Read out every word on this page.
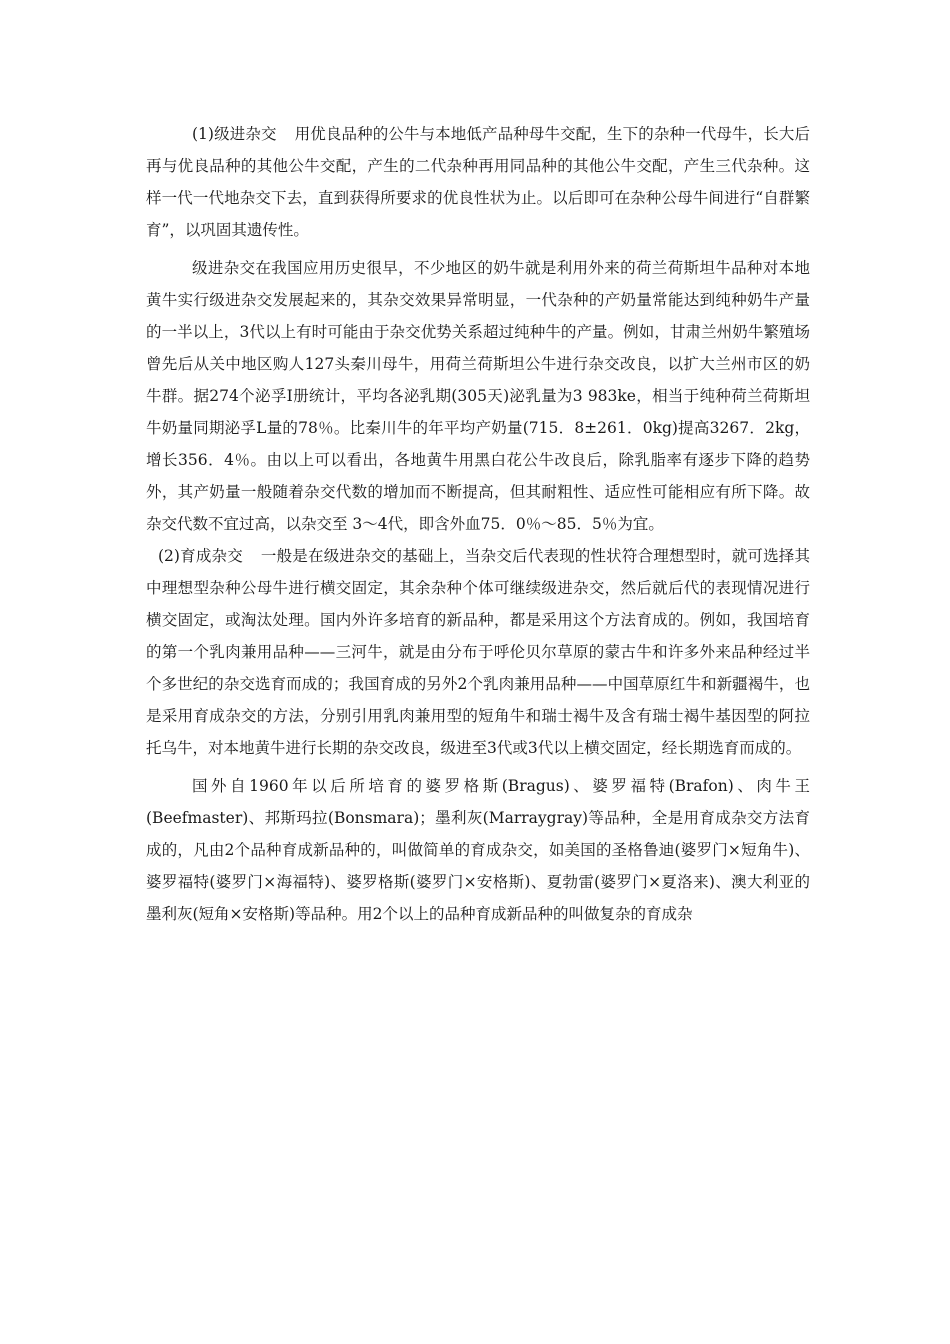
(1)级进杂交 用优良品种的公牛与本地低产品种母牛交配，生下的杂种一代母牛，长大后再与优良品种的其他公牛交配，产生的二代杂种再用同品种的其他公牛交配，产生三代杂种。这样一代一代地杂交下去，直到获得所要求的优良性状为止。以后即可在杂种公母牛间进行“自群繁育”，以巩固其遗传性。

级进杂交在我国应用历史很早，不少地区的奶牛就是利用外来的荷兰荷斯坦牛品种对本地黄牛实行级进杂交发展起来的，其杂交效果异常明显，一代杂种的产奶量常能达到纯种奶牛产量的一半以上，3代以上有时可能由于杂交优势关系超过纯种牛的产量。例如，甘肃兰州奶牛繁殖场曾先后从关中地区购人127头秦川母牛，用荷兰荷斯坦公牛进行杂交改良，以扩大兰州市区的奶牛群。据274个泌孚I册统计，平均各泌乳期(305天)泌乳量为3 983ke，相当于纯种荷兰荷斯坦牛奶量同期泌孚L量的78％。比秦川牛的年平均产奶量(715．8±261．0kg)提高3267．2kg，增长356．4％。由以上可以看出，各地黄牛用黑白花公牛改良后，除乳脂率有逐步下降的趋势外，其产奶量一般随着杂交代数的增加而不断提高，但其耐粗性、适应性可能相应有所下降。故杂交代数不宜过高，以杂交至 3～4代，即含外血75．0％～85．5％为宜。

(2)育成杂交 一般是在级进杂交的基础上，当杂交后代表现的性状符合理想型时，就可选择其中理想型杂种公母牛进行横交固定，其余杂种个体可继续级进杂交，然后就后代的表现情况进行横交固定，或淘汰处理。国内外许多培育的新品种，都是采用这个方法育成的。例如，我国培育的第一个乳肉兼用品种——三河牛，就是由分布于呼伦贝尔草原的蒙古牛和许多外来品种经过半个多世纪的杂交选育而成的；我国育成的另外2个乳肉兼用品种——中国草原红牛和新疆褐牛，也是采用育成杂交的方法，分别引用乳肉兼用型的短角牛和瑞士褐牛及含有瑞士褐牛基因型的阿拉托乌牛，对本地黄牛进行长期的杂交改良，级进至3代或3代以上横交固定，经长期选育而成的。

国外自1960年以后所培育的婆罗格斯(Bragus)、婆罗福特(Brafon)、肉牛王(Beefmaster)、邦斯玛拉(Bonsmara)；墨利灰(Marraygray)等品种，全是用育成杂交方法育成的，凡由2个品种育成新品种的，叫做简单的育成杂交，如美国的圣格鲁迪(婆罗门×短角牛)、婆罗福特(婆罗门×海福特)、婆罗格斯(婆罗门×安格斯)、夏勃雷(婆罗门×夏洛来)、澳大利亚的墨利灰(短角×安格斯)等品种。用2个以上的品种育成新品种的叫做复杂的育成杂
